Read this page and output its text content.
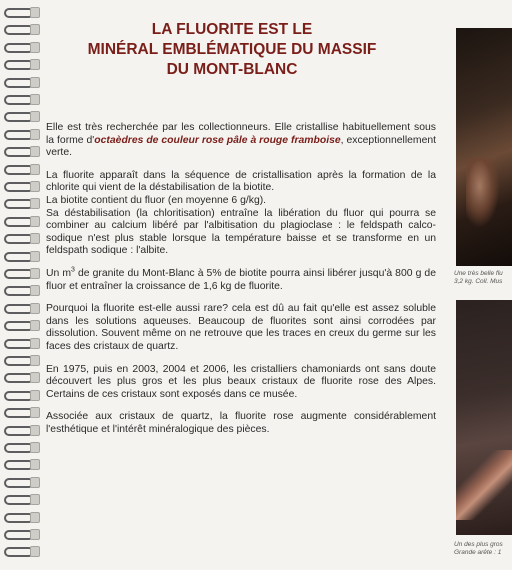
LA FLUORITE EST LE
MINÉRAL EMBLÉMATIQUE DU MASSIF
DU MONT-BLANC

Elle est très recherchée par les collectionneurs. Elle cristallise habituellement sous la forme d'octaèdres de couleur rose pâle à rouge framboise, exceptionnellement verte.

La fluorite apparaît dans la séquence de cristallisation après la formation de la chlorite qui vient de la déstabilisation de la biotite.

La biotite contient du fluor (en moyenne 6 g/kg).

Sa déstabilisation (la chloritisation) entraîne la libération du fluor qui pourra se combiner au calcium libéré par l'albitisation du plagioclase : le feldspath calco-sodique n'est plus stable lorsque la température baisse et se transforme en un feldspath sodique : l'albite.

Un $m^3$ de granite du Mont-Blanc à 5% de biotite pourra ainsi libérer jusqu'à 800 g de fluor et entraîner la croissance de 1,6 kg de fluorite.

Pourquoi la fluorite est-elle aussi rare? cela est dû au fait qu'elle est assez soluble dans les solutions aqueuses. Beaucoup de fluorites sont ainsi corrodées par dissolution. Souvent même on ne retrouve que les traces en creux du germe sur les faces des cristaux de quartz.

En 1975, puis en 2003, 2004 et 2006, les cristalliers chamoniards ont sans doute découvert les plus gros et les plus beaux cristaux de fluorite rose des Alpes. Certains de ces cristaux sont exposés dans ce musée.

Associée aux cristaux de quartz, la fluorite rose augmente considérablement l'esthétique et l'intérêt minéralogique des pièces.

Une très belle flu
3,2 kg. Coll. Mus
Un des plus gros
Grande arête : 1
